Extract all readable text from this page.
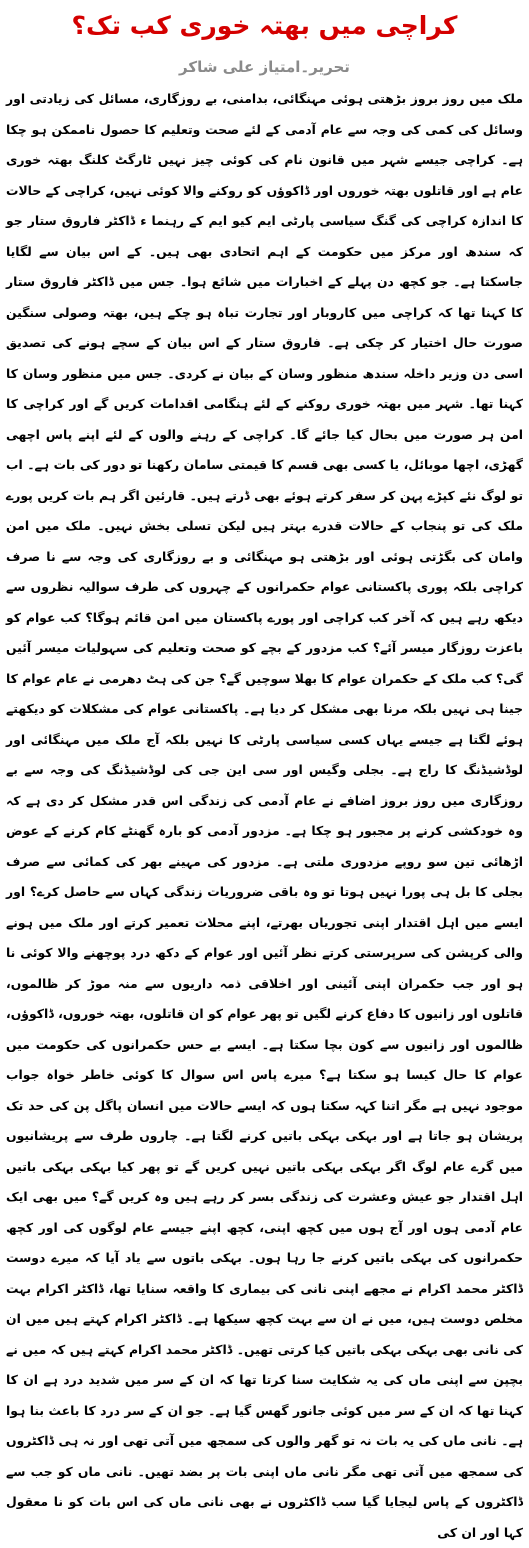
کراچی میں بھتہ خوری کب تک؟
تحریر۔امتیاز علی شاکر

ملک میں روز بروز بڑھتی ہوئی مہنگائی، بدامنی، بے روزگاری، مسائل کی زیادتی اور وسائل کی کمی کی وجہ سے عام آدمی کے لئے صحت وتعلیم کا حصول ناممکن ہو چکا ہے۔ کراچی جیسے شہر میں قانون نام کی کوئی چیز نہیں ٹارگٹ کلنگ بھتہ خوری عام ہے اور قاتلوں بھتہ خوروں اور ڈاکوؤں کو روکنے والا کوئی نہیں، کراچی کے حالات کا اندازہ کراچی کی گنگ سیاسی پارٹی ایم کیو ایم کے رہنما ء ڈاکٹر فاروق ستار جو کہ سندھ اور مرکز میں حکومت کے اہم اتحادی بھی ہیں۔ کے اس بیان سے لگایا جاسکتا ہے۔ جو کچھ دن پہلے کے اخبارات میں شائع ہوا۔ جس میں ڈاکٹر فاروق ستار کا کہنا تھا کہ کراچی میں کاروبار اور تجارت تباہ ہو چکے ہیں، بھتہ وصولی سنگین صورت حال اختیار کر چکی ہے۔ فاروق ستار کے اس بیان کے سچے ہونے کی تصدیق اسی دن وزیر داخلہ سندھ منظور وسان کے بیان نے کردی۔ جس میں منظور وسان کا کہنا تھا۔ شہر میں بھتہ خوری روکنے کے لئے ہنگامی اقدامات کریں گے اور کراچی کا امن ہر صورت میں بحال کیا جائے گا۔ کراچی کے رہنے والوں کے لئے اپنے پاس اچھی گھڑی، اچھا موبائل، یا کسی بھی قسم کا قیمتی سامان رکھنا تو دور کی بات ہے۔ اب تو لوگ نئے کپڑے پہن کر سفر کرتے ہوئے بھی ڈرتے ہیں۔ قارئین اگر ہم بات کریں پورے ملک کی تو پنجاب کے حالات قدرے بہتر ہیں لیکن تسلی بخش نہیں۔ ملک میں امن وامان کی بگڑتی ہوئی اور بڑھتی ہو مہنگائی و بے روزگاری کی وجہ سے نا صرف کراچی بلکہ پوری پاکستانی عوام حکمرانوں کے چہروں کی طرف سوالیہ نظروں سے دیکھ رہے ہیں کہ آخر کب کراچی اور پورے پاکستان میں امن قائم ہوگا؟ کب عوام کو باعزت روزگار میسر آئے؟ کب مزدور کے بچے کو صحت وتعلیم کی سہولیات میسر آئیں گی؟ کب ملک کے حکمران عوام کا بھلا سوچیں گے؟ جن کی ہٹ دھرمی نے عام عوام کا جینا ہی نہیں بلکہ مرنا بھی مشکل کر دیا ہے۔ پاکستانی عوام کی مشکلات کو دیکھتے ہوئے لگتا ہے جیسے یہاں کسی سیاسی پارٹی کا نہیں بلکہ آج ملک میں مہنگائی اور لوڈشیڈنگ کا راج ہے۔ بجلی وگیس اور سی این جی کی لوڈشیڈنگ کی وجہ سے بے روزگاری میں روز بروز اضافے نے عام آدمی کی زندگی اس قدر مشکل کر دی ہے کہ وہ خودکشی کرنے پر مجبور ہو چکا ہے۔ مزدور آدمی کو بارہ گھنٹے کام کرنے کے عوض اڑھائی تین سو روپے مزدوری ملتی ہے۔ مزدور کی مہینے بھر کی کمائی سے صرف بجلی کا بل ہی پورا نہیں ہوتا تو وہ باقی ضروریات زندگی کہاں سے حاصل کرے؟ اور ایسے میں اہل اقتدار اپنی تجوریاں بھرتے، اپنے محلات تعمیر کرتے اور ملک میں ہونے والی کرپشن کی سرپرستی کرتے نظر آئیں اور عوام کے دکھ درد پوچھنے والا کوئی نا ہو اور جب حکمران اپنی آئینی اور اخلاقی ذمہ داریوں سے منہ موڑ کر ظالموں، قاتلوں اور زانیوں کا دفاع کرنے لگیں تو پھر عوام کو ان قاتلوں، بھتہ خوروں، ڈاکوؤں، ظالموں اور زانیوں سے کون بچا سکتا ہے۔ ایسے بے حس حکمرانوں کی حکومت میں عوام کا حال کیسا ہو سکتا ہے؟ میرے پاس اس سوال کا کوئی خاطر خواہ جواب موجود نہیں ہے مگر اتنا کہہ سکتا ہوں کہ ایسے حالات میں انسان پاگل پن کی حد تک پریشان ہو جاتا ہے اور بہکی بہکی باتیں کرنے لگتا ہے۔ چاروں طرف سے پریشانیوں میں گرے عام لوگ اگر بہکی بہکی باتیں نہیں کریں گے تو پھر کیا بہکی بہکی باتیں اہل اقتدار جو عیش وعشرت کی زندگی بسر کر رہے ہیں وہ کریں گے؟ میں بھی ایک عام آدمی ہوں اور آج ہوں میں کچھ اپنی، کچھ اپنے جیسے عام لوگوں کی اور کچھ حکمرانوں کی بہکی باتیں کرنے جا رہا ہوں۔ بہکی باتوں سے یاد آیا کہ میرے دوست ڈاکٹر محمد اکرام نے مجھے اپنی نانی کی بیماری کا واقعہ سنایا تھا، ڈاکٹر اکرام بہت مخلص دوست ہیں، میں نے ان سے بہت کچھ سیکھا ہے۔ ڈاکٹر اکرام کہتے ہیں میں ان کی نانی بھی بہکی بہکی باتیں کیا کرتی تھیں۔ ڈاکٹر محمد اکرام کہتے ہیں کہ میں نے بچپن سے اپنی ماں کی یہ شکایت سنا کرتا تھا کہ ان کے سر میں شدید درد ہے ان کا کہنا تھا کہ ان کے سر میں کوئی جانور گھس گیا ہے۔ جو ان کے سر درد کا باعث بنا ہوا ہے۔ نانی ماں کی یہ بات نہ تو گھر والوں کی سمجھ میں آتی تھی اور نہ ہی ڈاکٹروں کی سمجھ میں آتی تھی مگر نانی ماں اپنی بات پر بضد تھیں۔ نانی ماں کو جب سے ڈاکٹروں کے پاس لیجایا گیا سب ڈاکٹروں نے بھی نانی ماں کی اس بات کو نا معقول کہا اور ان کی
